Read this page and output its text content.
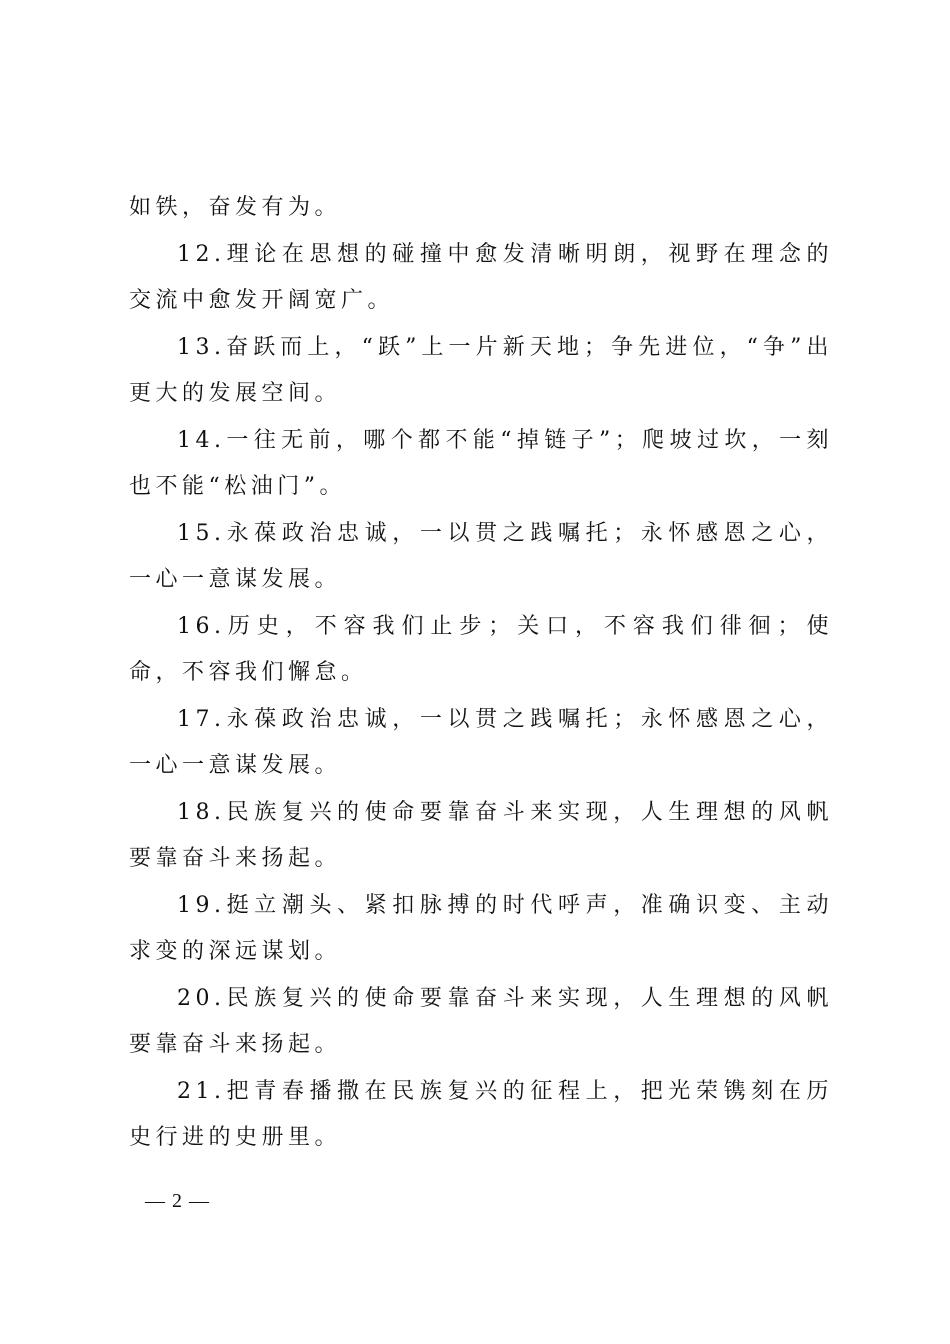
如铁，奋发有为。

12.理论在思想的碰撞中愈发清晰明朗，视野在理念的交流中愈发开阔宽广。

13.奋跃而上，“跃”上一片新天地；争先进位，“争”出更大的发展空间。

14.一往无前，哪个都不能“掉链子”；爬坡过坎，一刻也不能“松油门”。

15.永葆政治忠诚，一以贯之践嘱托；永怀感恩之心，一心一意谋发展。

16.历史，不容我们止步；关口，不容我们徘徊；使命，不容我们懈怠。

17.永葆政治忠诚，一以贯之践嘱托；永怀感恩之心，一心一意谋发展。

18.民族复兴的使命要靠奋斗来实现，人生理想的风帆要靠奋斗来扬起。

19.挺立潮头、紧扣脉搏的时代呼声，准确识变、主动求变的深远谋划。

20.民族复兴的使命要靠奋斗来实现，人生理想的风帆要靠奋斗来扬起。

21.把青春播撒在民族复兴的征程上，把光荣镌刻在历史行进的史册里。

— 2 —
